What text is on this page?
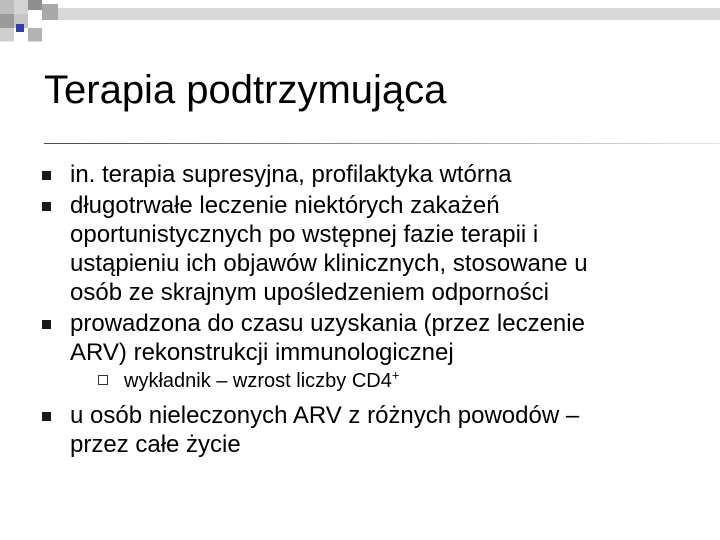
Terapia podtrzymująca
in. terapia supresyjna, profilaktyka wtórna
długotrwałe leczenie niektórych zakażeń
oportunistycznych po wstępnej fazie terapii i
ustąpieniu ich objawów klinicznych, stosowane u
osób ze skrajnym upośledzeniem odporności
prowadzona do czasu uzyskania (przez leczenie
ARV) rekonstrukcji immunologicznej
wykładnik – wzrost liczby CD4+
u osób nieleczonych ARV z różnych powodów –
przez całe życie
